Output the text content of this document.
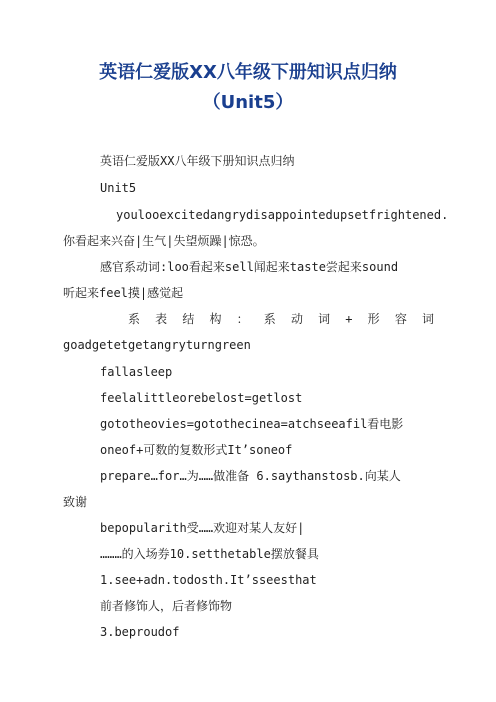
英语仁爱版XX八年级下册知识点归纳
（Unit5）
英语仁爱版XX八年级下册知识点归纳
Unit5
youlooexcitedangrydisappointedupsetfrightened.
你看起来兴奋|生气|失望烦躁|惊恐。
感官系动词:loo看起来sell闻起来taste尝起来sound
听起来feel摸|感觉起
系表结构：系动词+形容词
goadgetetgetangryturngreen
fallasleep
feelalittleorebelost=getlost
gototheovies=gotothecinea=atchseeafil看电影
oneof+可数的复数形式It’soneof
prepare…for…为……做准备 6.saythanstosb.向某人
致谢
bepopularith受……欢迎对某人友好|
………的入场券10.setthetable摆放餐具
1.see+adn.todosth.It’sseesthat
前者修饰人，后者修饰物
3.beproudof
